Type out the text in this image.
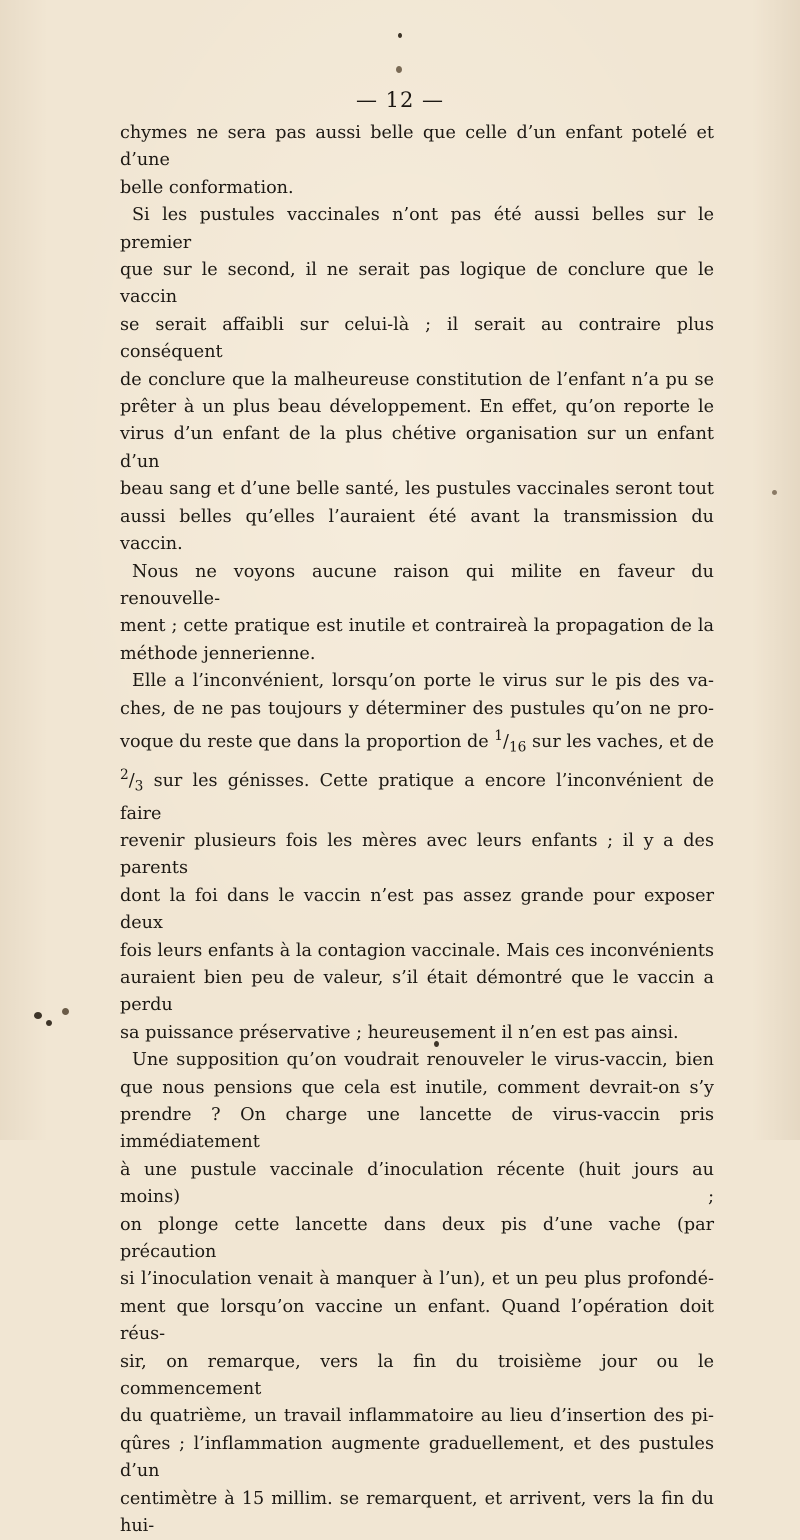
— 12 —
chymes ne sera pas aussi belle que celle d’un enfant potelé et d’une
belle conformation.
Si les pustules vaccinales n’ont pas été aussi belles sur le premier
que sur le second, il ne serait pas logique de conclure que le vaccin
se serait affaibli sur celui-là ; il serait au contraire plus conséquent
de conclure que la malheureuse constitution de l’enfant n’a pu se
prêter à un plus beau développement. En effet, qu’on reporte le
virus d’un enfant de la plus chétive organisation sur un enfant d’un
beau sang et d’une belle santé, les pustules vaccinales seront tout
aussi belles qu’elles l’auraient été avant la transmission du vaccin.
Nous ne voyons aucune raison qui milite en faveur du renouvelle-
ment ; cette pratique est inutile et contraireà la propagation de la
méthode jennerienne.
Elle a l’inconvénient, lorsqu’on porte le virus sur le pis des va-
ches, de ne pas toujours y déterminer des pustules qu’on ne pro-
voque du reste que dans la proportion de $^1/_{16}$ sur les vaches, et de
$^2/_3$ sur les génisses. Cette pratique a encore l’inconvénient de faire
revenir plusieurs fois les mères avec leurs enfants ; il y a des parents
dont la foi dans le vaccin n’est pas assez grande pour exposer deux
fois leurs enfants à la contagion vaccinale. Mais ces inconvénients
auraient bien peu de valeur, s’il était démontré que le vaccin a perdu
sa puissance préservative ; heureusement il n’en est pas ainsi.
Une supposition qu’on voudrait renouveler le virus-vaccin, bien
que nous pensions que cela est inutile, comment devrait-on s’y
prendre ? On charge une lancette de virus-vaccin pris immédiatement
à une pustule vaccinale d’inoculation récente (huit jours au moins) ;
on plonge cette lancette dans deux pis d’une vache (par précaution
si l’inoculation venait à manquer à l’un), et un peu plus profondé-
ment que lorsqu’on vaccine un enfant. Quand l’opération doit réus-
sir, on remarque, vers la fin du troisième jour ou le commencement
du quatrième, un travail inflammatoire au lieu d’insertion des pi-
qûres ; l’inflammation augmente graduellement, et des pustules d’un
centimètre à 15 millim. se remarquent, et arrivent, vers la fin du hui-
